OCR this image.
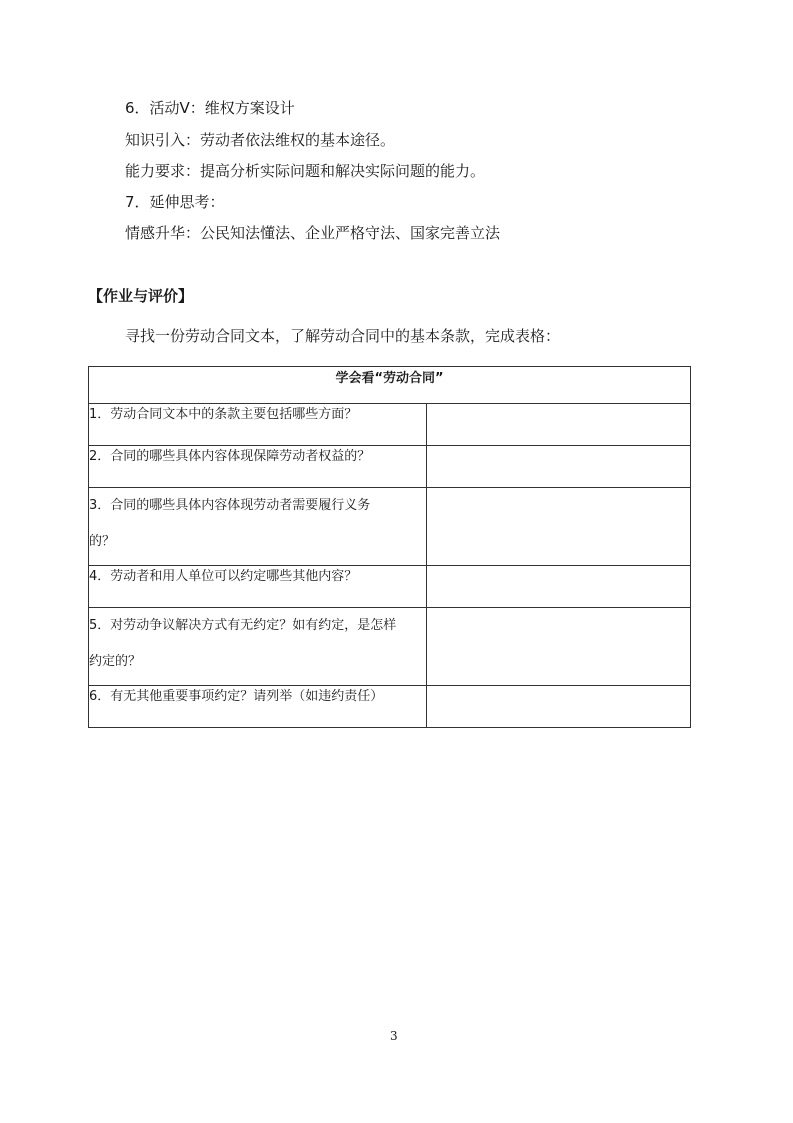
6．活动Ⅴ：维权方案设计
知识引入：劳动者依法维权的基本途径。
能力要求：提高分析实际问题和解决实际问题的能力。
7．延伸思考：
情感升华：公民知法懂法、企业严格守法、国家完善立法
【作业与评价】
寻找一份劳动合同文本，了解劳动合同中的基本条款，完成表格：
学会看“劳动合同”	
1．劳动合同文本中的条款主要包括哪些方面？	
2．合同的哪些具体内容体现保障劳动者权益的？	

3．合同的哪些具体内容体现劳动者需要履行义务的？	

4．劳动者和用人单位可以约定哪些其他内容？	

5．对劳动争议解决方式有无约定？如有约定，是怎样约定的？	

6．有无其他重要事项约定？请列举（如违约责任）	
3
